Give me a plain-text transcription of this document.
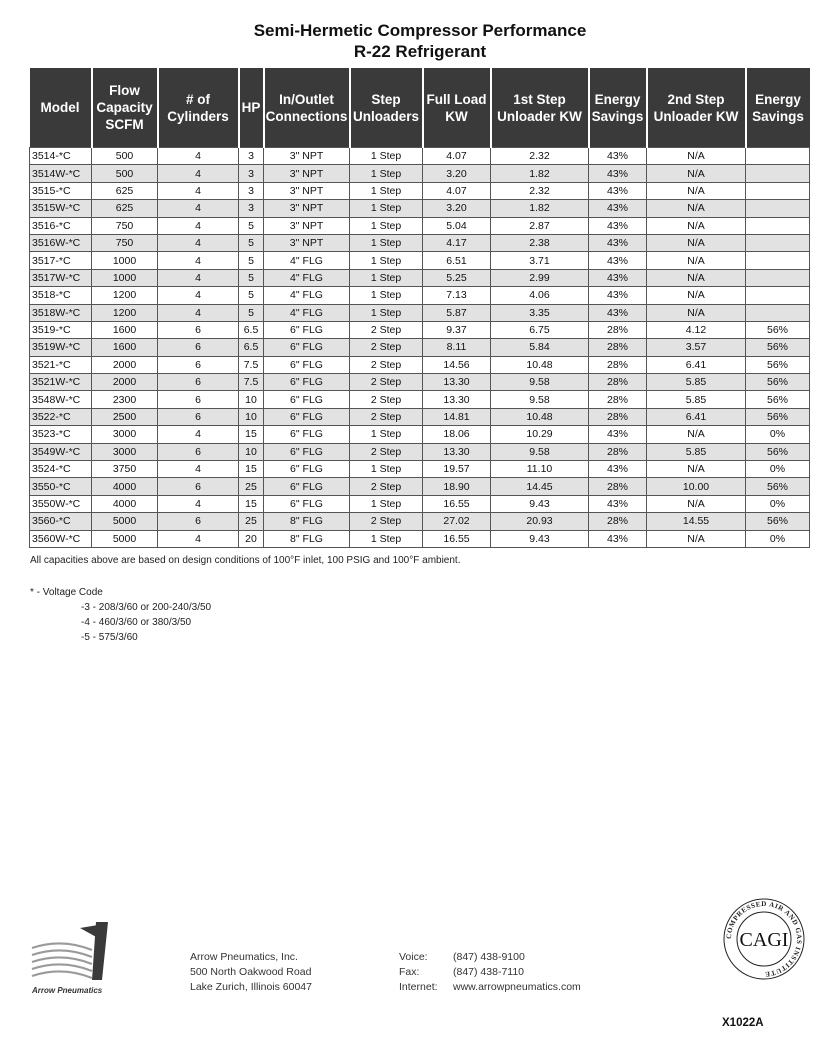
Semi-Hermetic Compressor Performance
R-22 Refrigerant
Model	Flow Capacity SCFM	# of Cylinders	HP	In/Outlet Connections	Step Unloaders	Full Load KW	1st Step Unloader KW	Energy Savings	2nd Step Unloader KW	Energy Savings
3514-*C	500	4	3	3" NPT	1 Step	4.07	2.32	43%	N/A	
3514W-*C	500	4	3	3" NPT	1 Step	3.20	1.82	43%	N/A	
3515-*C	625	4	3	3" NPT	1 Step	4.07	2.32	43%	N/A	
3515W-*C	625	4	3	3" NPT	1 Step	3.20	1.82	43%	N/A	
3516-*C	750	4	5	3" NPT	1 Step	5.04	2.87	43%	N/A	
3516W-*C	750	4	5	3" NPT	1 Step	4.17	2.38	43%	N/A	
3517-*C	1000	4	5	4" FLG	1 Step	6.51	3.71	43%	N/A	
3517W-*C	1000	4	5	4" FLG	1 Step	5.25	2.99	43%	N/A	
3518-*C	1200	4	5	4" FLG	1 Step	7.13	4.06	43%	N/A	
3518W-*C	1200	4	5	4" FLG	1 Step	5.87	3.35	43%	N/A	
3519-*C	1600	6	6.5	6" FLG	2 Step	9.37	6.75	28%	4.12	56%
3519W-*C	1600	6	6.5	6" FLG	2 Step	8.11	5.84	28%	3.57	56%
3521-*C	2000	6	7.5	6" FLG	2 Step	14.56	10.48	28%	6.41	56%
3521W-*C	2000	6	7.5	6" FLG	2 Step	13.30	9.58	28%	5.85	56%
3548W-*C	2300	6	10	6" FLG	2 Step	13.30	9.58	28%	5.85	56%
3522-*C	2500	6	10	6" FLG	2 Step	14.81	10.48	28%	6.41	56%
3523-*C	3000	4	15	6" FLG	1 Step	18.06	10.29	43%	N/A	0%
3549W-*C	3000	6	10	6" FLG	2 Step	13.30	9.58	28%	5.85	56%
3524-*C	3750	4	15	6" FLG	1 Step	19.57	11.10	43%	N/A	0%
3550-*C	4000	6	25	6" FLG	2 Step	18.90	14.45	28%	10.00	56%
3550W-*C	4000	4	15	6" FLG	1 Step	16.55	9.43	43%	N/A	0%
3560-*C	5000	6	25	8" FLG	2 Step	27.02	20.93	28%	14.55	56%
3560W-*C	5000	4	20	8" FLG	1 Step	16.55	9.43	43%	N/A	0%
All capacities above are based on design conditions of 100°F inlet, 100 PSIG and 100°F ambient.
* - Voltage Code
-3 - 208/3/60 or 200-240/3/50
-4 - 460/3/60 or 380/3/50
-5 - 575/3/60
Arrow Pneumatics
Arrow Pneumatics, Inc.
500 North Oakwood Road
Lake Zurich, Illinois 60047
Voice: (847) 438-9100
Fax:	(847) 438-7110
Internet: www.arrowpneumatics.com
COMPRESSED AIR AND GAS INSTITUTE
CAGI
X1022A
